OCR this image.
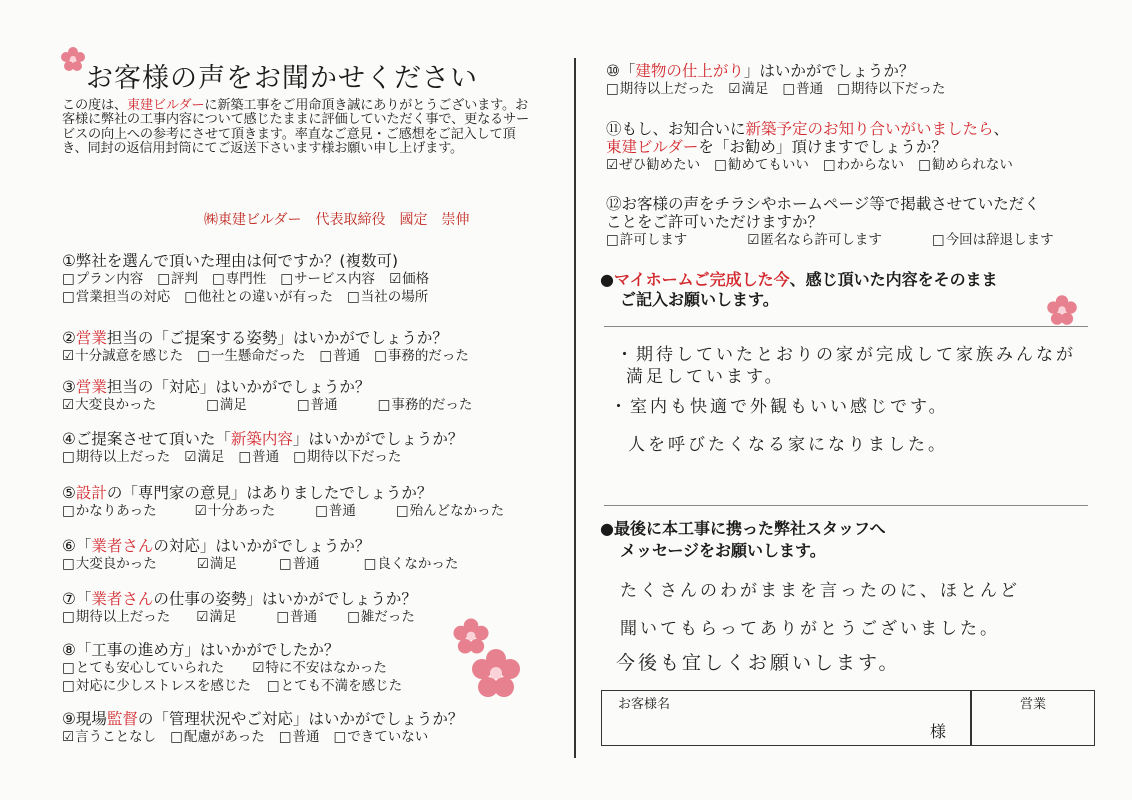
お客様の声をお聞かせください
この度は、東建ビルダーに新築工事をご用命頂き誠にありがとうございます。お客様に弊社の工事内容について感じたままに評価していただく事で、更なるサービスの向上への参考にさせて頂きます。率直なご意見・ご感想をご記入して頂き、同封の返信用封筒にてご返送下さいます様お願い申し上げます。
㈱東建ビルダー　代表取締役　國定　崇伸
①弊社を選んで頂いた理由は何ですか？(複数可)
□ プラン内容 □ 評判 □ 専門性 □ サービス内容 ☑ 価格
□ 営業担当の対応 □ 他社との違いが有った □ 当社の場所
②営業担当の「ご提案する姿勢」はいかがでしょうか？
☑ 十分誠意を感じた □ 一生懸命だった □ 普通 □ 事務的だった
③営業担当の「対応」はいかがでしょうか？
☑ 大変良かった	□ 満足	□ 普通	□ 事務的だった
④ご提案させて頂いた「新築内容」はいかがでしょうか？
□ 期待以上だった ☑ 満足 □ 普通 □ 期待以下だった
⑤設計の「専門家の意見」はありましたでしょうか？
□ かなりあった	☑ 十分あった	□ 普通	□ 殆んどなかった
⑥「業者さんの対応」はいかがでしょうか？
□ 大変良かった	☑ 満足	□ 普通	□ 良くなかった
⑦「業者さんの仕事の姿勢」はいかがでしょうか？
□ 期待以上だった	☑ 満足	□ 普通	□ 雑だった
⑧「工事の進め方」はいかがでしたか？
□ とても安心していられた	☑ 特に不安はなかった
□ 対応に少しストレスを感じた □ とても不満を感じた
⑨現場監督の「管理状況やご対応」はいかがでしょうか？
☑ 言うことなし □ 配慮があった □ 普通 □ できていない
⑩「建物の仕上がり」はいかがでしょうか？
□ 期待以上だった ☑ 満足 □ 普通 □ 期待以下だった
⑪もし、お知合いに新築予定のお知り合いがいましたら、
東建ビルダーを「お勧め」頂けますでしょうか？
☑ ぜひ勧めたい □ 勧めてもいい □ わからない □ 勧められない
⑫お客様の声をチラシやホームページ等で掲載させていただく
ことをご許可いただけますか？
□ 許可します	☑ 匿名なら許可します	□ 今回は辞退します
●マイホームご完成した今、感じ頂いた内容をそのまま
ご記入お願いします。
・期待していたとおりの家が完成して家族みんなが
満足しています。
・室内も快適で外観もいい感じです。
人を呼びたくなる家になりました。
●最後に本工事に携った弊社スタッフへ
メッセージをお願いします。
たくさんのわがままを言ったのに、ほとんど
聞いてもらってありがとうございました。
今後も宜しくお願いします。
お客様名
様
営業
